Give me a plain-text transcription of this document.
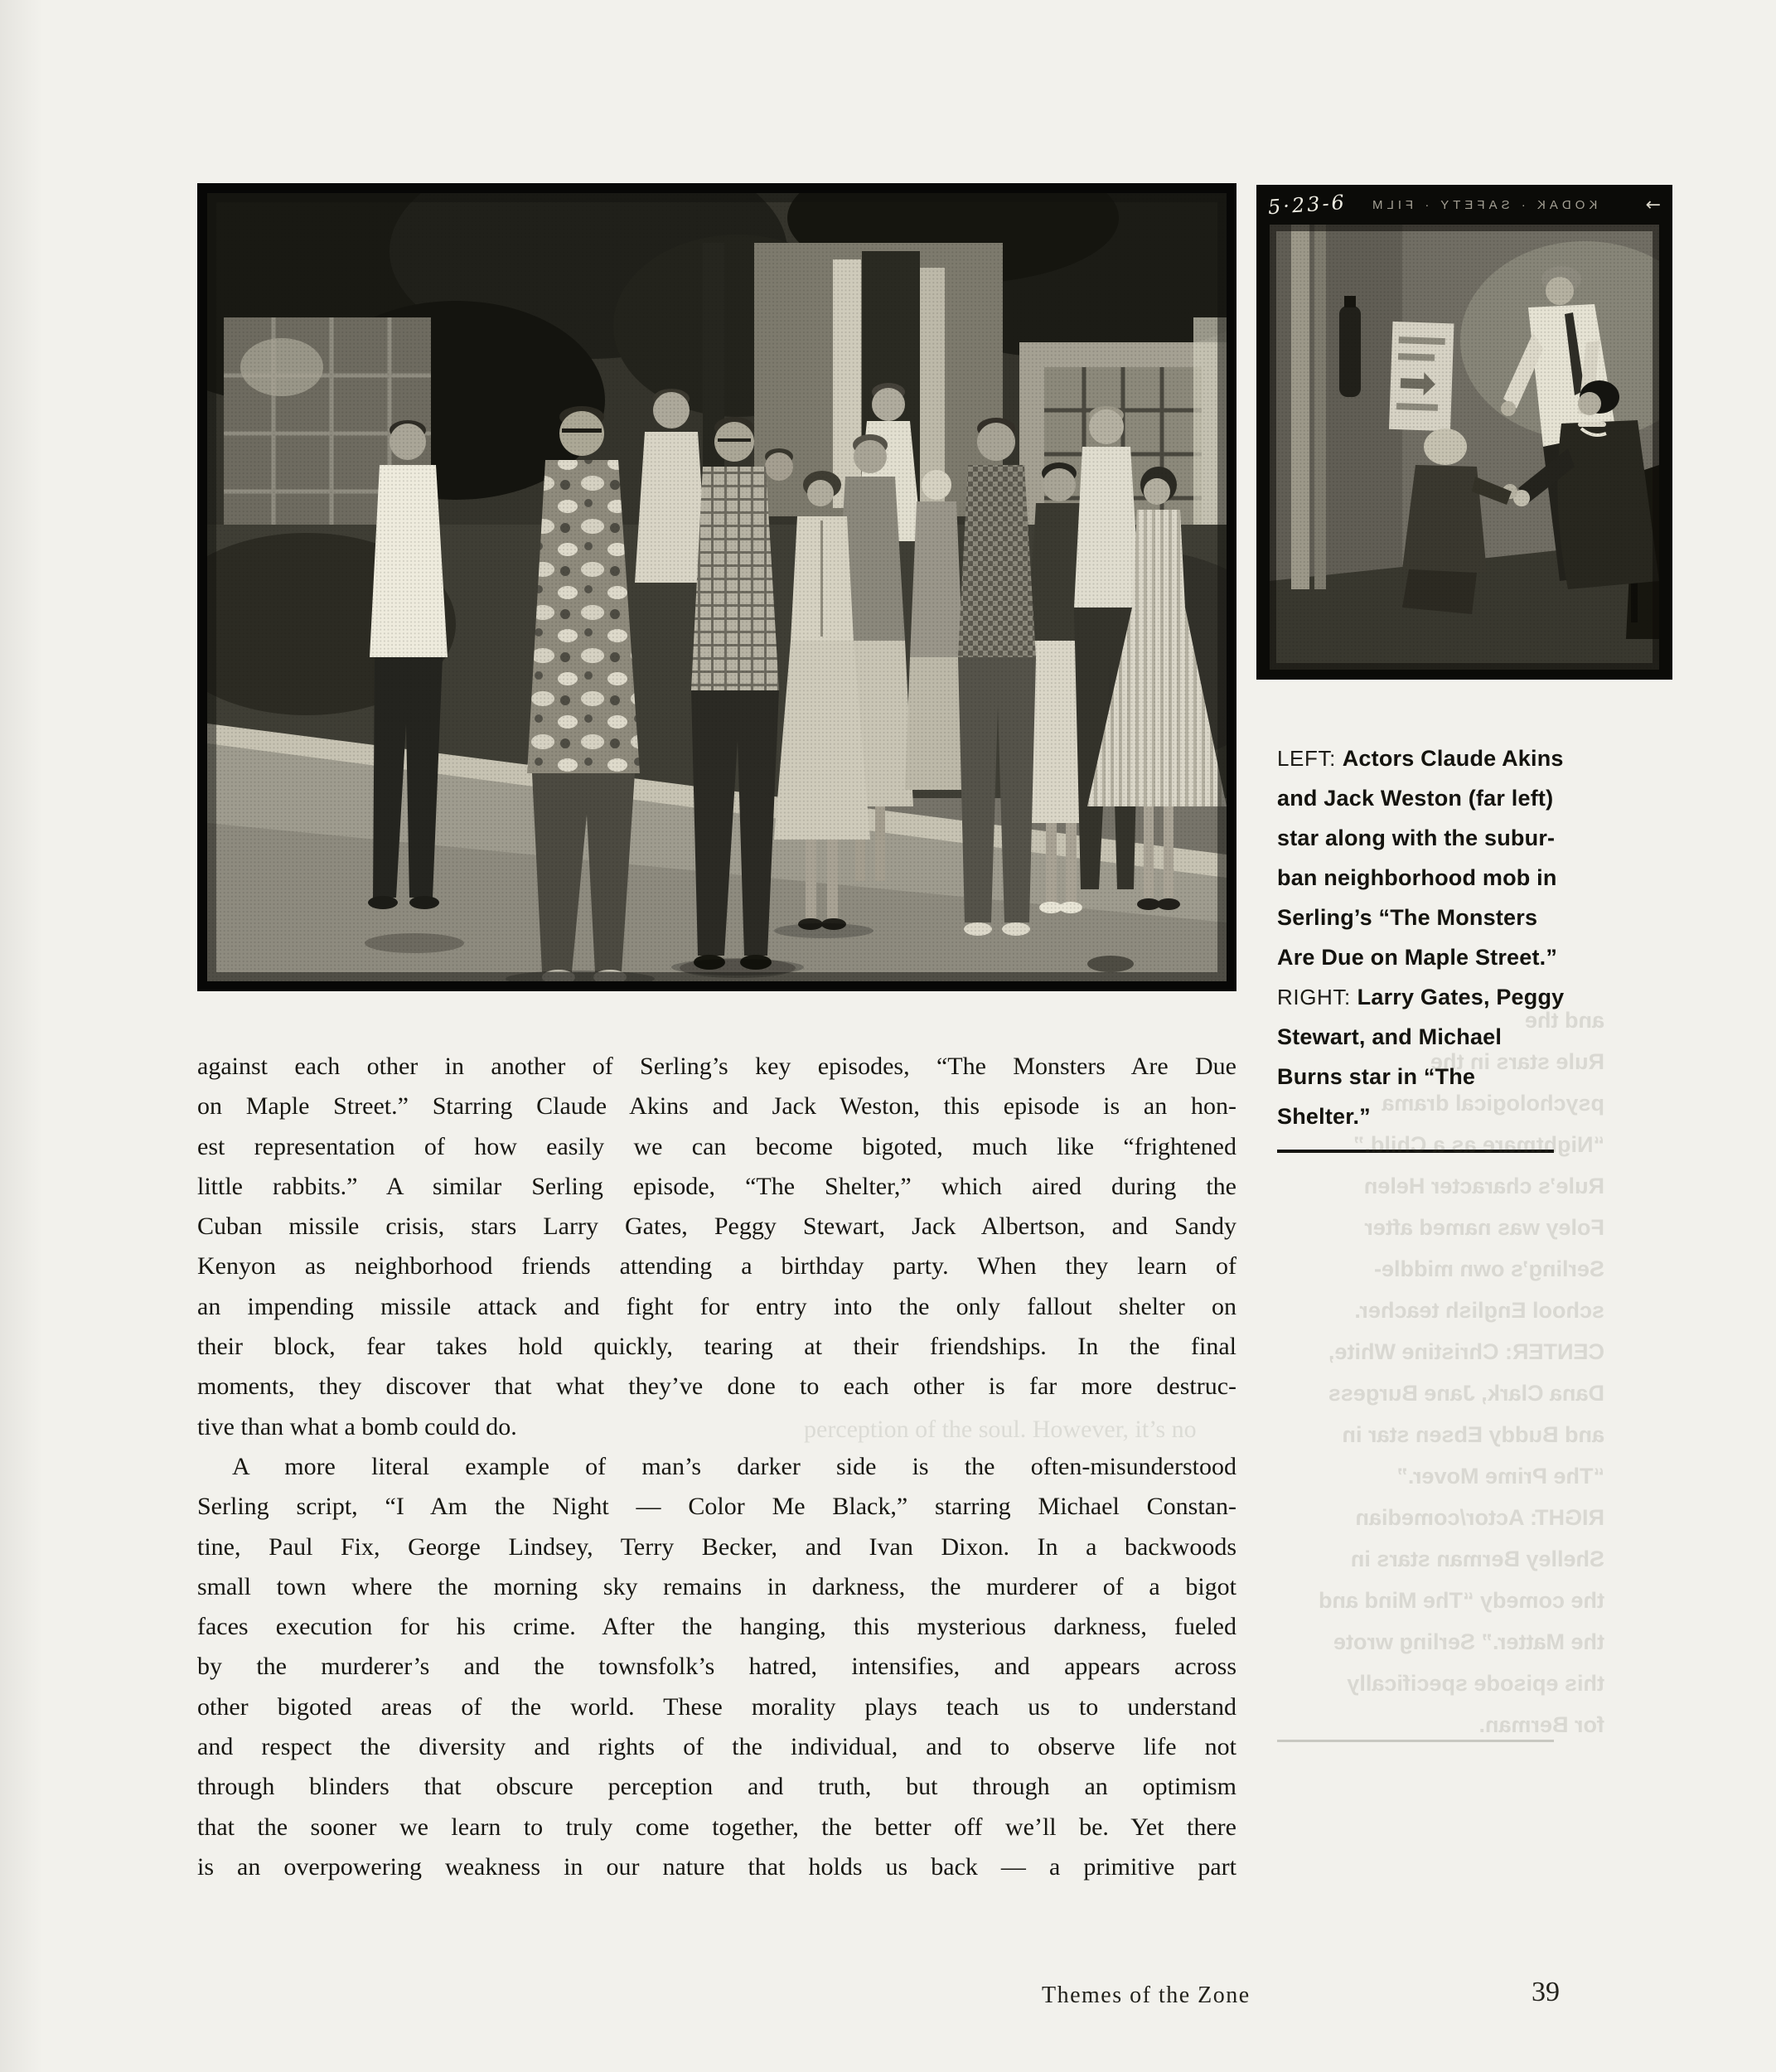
5·23-6 KODAK · SAFETY · FILM	←
and the
Rule stars in the
psychological drama
“Nightmare as a Child.”
Rule’s character Helen
Foley was named after
Serling’s own middle-
school English teacher.
CENTER: Christine White,
Dana Clark, Jane Burgess
and Buddy Ebsen star in
“The Prime Mover.”
RIGHT: Actor/comedian
Shelley Berman stars in
the comedy “The Mind and
the Matter.” Serling wrote
this episode specifically
for Berman.
LEFT: Actors Claude Akins
and Jack Weston (far left)
star along with the subur-
ban neighborhood mob in
Serling’s “The Monsters
Are Due on Maple Street.”
RIGHT: Larry Gates, Peggy
Stewart, and Michael
Burns star in “The
Shelter.”
perception of the soul. However, it’s no
against each other in another of Serling’s key episodes, “The Monsters Are Due
on Maple Street.” Starring Claude Akins and Jack Weston, this episode is an hon-
est representation of how easily we can become bigoted, much like “frightened
little rabbits.” A similar Serling episode, “The Shelter,” which aired during the
Cuban missile crisis, stars Larry Gates, Peggy Stewart, Jack Albertson, and Sandy
Kenyon as neighborhood friends attending a birthday party. When they learn of
an impending missile attack and fight for entry into the only fallout shelter on
their block, fear takes hold quickly, tearing at their friendships. In the final
moments, they discover that what they’ve done to each other is far more destruc-
tive than what a bomb could do.
A more literal example of man’s darker side is the often-misunderstood
Serling script, “I Am the Night — Color Me Black,” starring Michael Constan-
tine, Paul Fix, George Lindsey, Terry Becker, and Ivan Dixon. In a backwoods
small town where the morning sky remains in darkness, the murderer of a bigot
faces execution for his crime. After the hanging, this mysterious darkness, fueled
by the murderer’s and the townsfolk’s hatred, intensifies, and appears across
other bigoted areas of the world. These morality plays teach us to understand
and respect the diversity and rights of the individual, and to observe life not
through blinders that obscure perception and truth, but through an optimism
that the sooner we learn to truly come together, the better off we’ll be. Yet there
is an overpowering weakness in our nature that holds us back — a primitive part
Themes of the Zone	39
